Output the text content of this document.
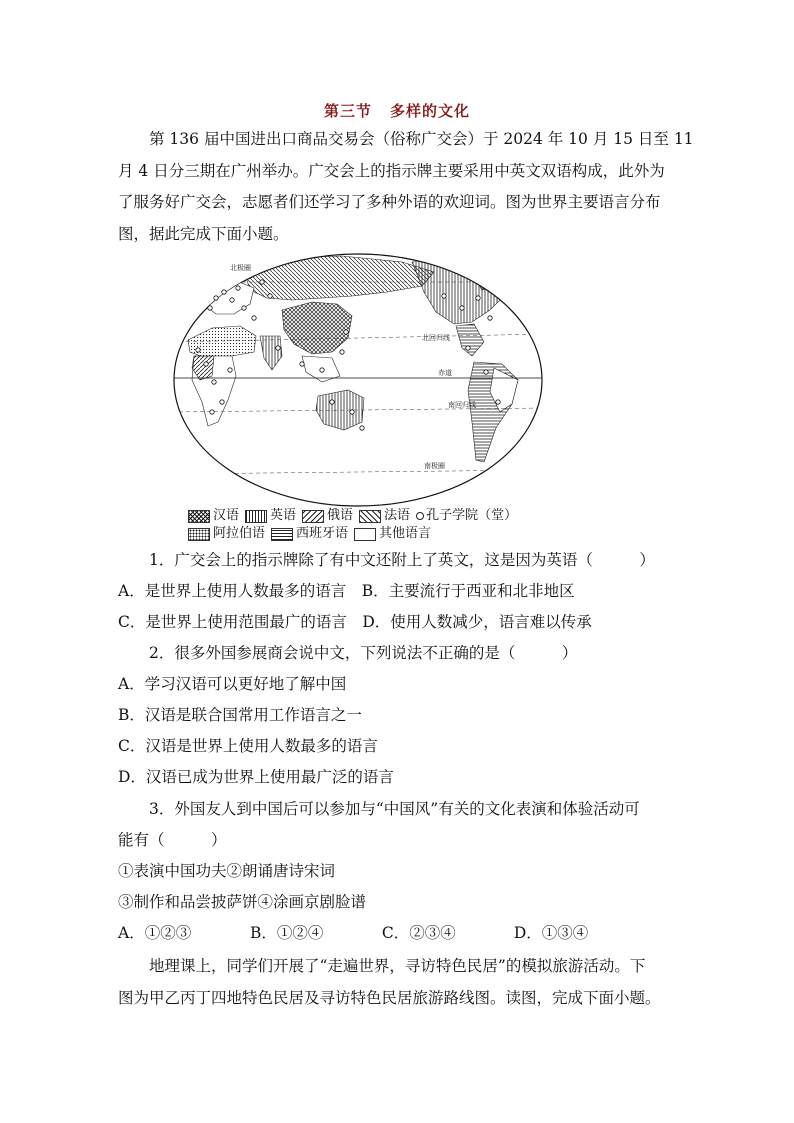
第三节 多样的文化
第 136 届中国进出口商品交易会（俗称广交会）于 2024 年 10 月 15 日至 11
月 4 日分三期在广州举办。广交会上的指示牌主要采用中英文双语构成，此外为
了服务好广交会，志愿者们还学习了多种外语的欢迎词。图为世界主要语言分布
图，据此完成下面小题。
北极圈
北回归线
赤道
南回归线
南极圈
汉语 英语 俄语 法语 孔子学院（堂）
阿拉伯语 西班牙语 其他语言
1．广交会上的指示牌除了有中文还附上了英文，这是因为英语（　　　）
A．是世界上使用人数最多的语言　B．主要流行于西亚和北非地区
C．是世界上使用范围最广的语言　D．使用人数减少，语言难以传承
2．很多外国参展商会说中文，下列说法不正确的是（　　　）
A．学习汉语可以更好地了解中国
B．汉语是联合国常用工作语言之一
C．汉语是世界上使用人数最多的语言
D．汉语已成为世界上使用最广泛的语言
3．外国友人到中国后可以参加与“中国风”有关的文化表演和体验活动可
能有（　　　）
①表演中国功夫②朗诵唐诗宋词
③制作和品尝披萨饼④涂画京剧脸谱
A．①②③	B．①②④	C．②③④	D．①③④
地理课上，同学们开展了“走遍世界，寻访特色民居”的模拟旅游活动。下
图为甲乙丙丁四地特色民居及寻访特色民居旅游路线图。读图，完成下面小题。
